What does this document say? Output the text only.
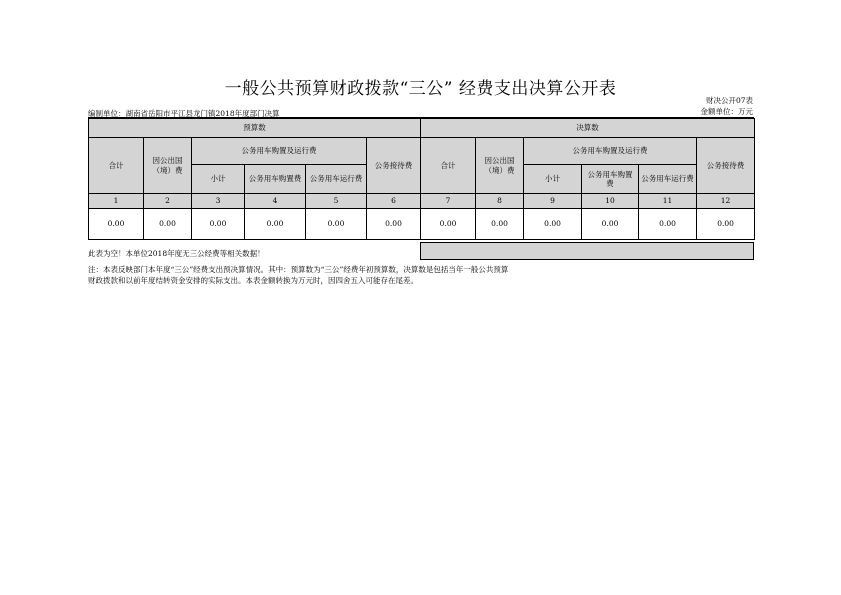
一般公共预算财政拨款“三公” 经费支出决算公开表
财决公开07表
金额单位：万元
编制单位：湖南省岳阳市平江县龙门镇2018年度部门决算
预算数						决算数					
合计	因公出国（境）费	公务用车购置及运行费			公务接待费	合计	因公出国（境）费	公务用车购置及运行费			公务接待费
		小计	公务用车购置费	公务用车运行费				小计	公务用车购置费	公务用车运行费	
1	2	3	4	5	6	7	8	9	10	11	12
0.00	0.00	0.00	0.00	0.00	0.00	0.00	0.00	0.00	0.00	0.00	0.00
此表为空！本单位2018年度无三公经费等相关数据！
注：本表反映部门本年度“三公”经费支出预决算情况。其中：预算数为“三公”经费年初预算数，决算数是包括当年一般公共预算
财政拨款和以前年度结转资金安排的实际支出。本表金额转换为万元时，因四舍五入可能存在尾差。
